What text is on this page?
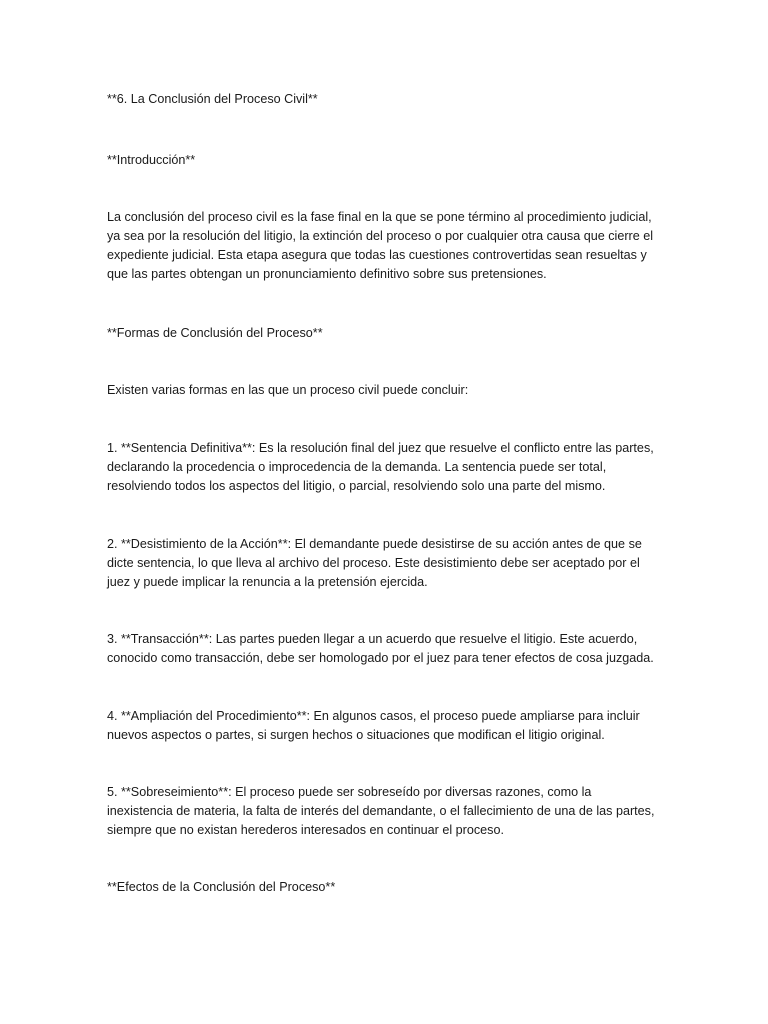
**6. La Conclusión del Proceso Civil**

**Introducción**

La conclusión del proceso civil es la fase final en la que se pone término al procedimiento judicial,

ya sea por la resolución del litigio, la extinción del proceso o por cualquier otra causa que cierre el

expediente judicial. Esta etapa asegura que todas las cuestiones controvertidas sean resueltas y

que las partes obtengan un pronunciamiento definitivo sobre sus pretensiones.

**Formas de Conclusión del Proceso**

Existen varias formas en las que un proceso civil puede concluir:

1. **Sentencia Definitiva**: Es la resolución final del juez que resuelve el conflicto entre las partes,

declarando la procedencia o improcedencia de la demanda. La sentencia puede ser total,

resolviendo todos los aspectos del litigio, o parcial, resolviendo solo una parte del mismo.

2. **Desistimiento de la Acción**: El demandante puede desistirse de su acción antes de que se

dicte sentencia, lo que lleva al archivo del proceso. Este desistimiento debe ser aceptado por el

juez y puede implicar la renuncia a la pretensión ejercida.

3. **Transacción**: Las partes pueden llegar a un acuerdo que resuelve el litigio. Este acuerdo,

conocido como transacción, debe ser homologado por el juez para tener efectos de cosa juzgada.

4. **Ampliación del Procedimiento**: En algunos casos, el proceso puede ampliarse para incluir

nuevos aspectos o partes, si surgen hechos o situaciones que modifican el litigio original.

5. **Sobreseimiento**: El proceso puede ser sobreseído por diversas razones, como la

inexistencia de materia, la falta de interés del demandante, o el fallecimiento de una de las partes,

siempre que no existan herederos interesados en continuar el proceso.

**Efectos de la Conclusión del Proceso**
